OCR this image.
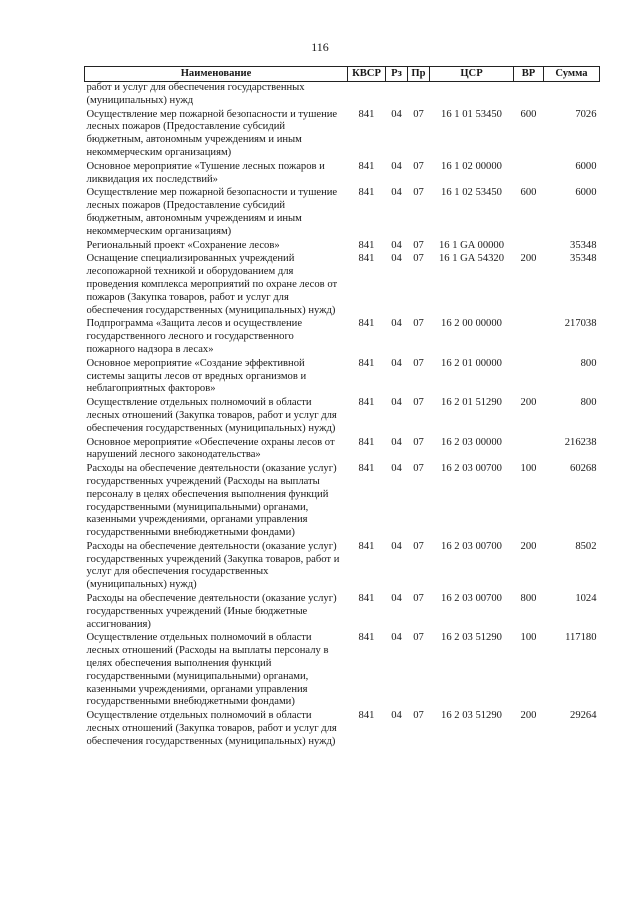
116
Наименование	КВСР	Рз	Пр	ЦСР	ВР	Сумма
работ и услуг для обеспечения государственных (муниципальных) нужд						
Осуществление мер пожарной безопасности и тушение лесных пожаров (Предоставление субсидий бюджетным, автономным учреждениям и иным некоммерческим организациям)	841	04	07	16 1 01 53450	600	7026
Основное мероприятие «Тушение лесных пожаров и ликвидация их последствий»	841	04	07	16 1 02 00000		6000
Осуществление мер пожарной безопасности и тушение лесных пожаров (Предоставление субсидий бюджетным, автономным учреждениям и иным некоммерческим организациям)	841	04	07	16 1 02 53450	600	6000
Региональный проект «Сохранение лесов»	841	04	07	16 1 GA 00000		35348
Оснащение специализированных учреждений лесопожарной техникой и оборудованием для проведения комплекса мероприятий по охране лесов от пожаров (Закупка товаров, работ и услуг для обеспечения государственных (муниципальных) нужд)	841	04	07	16 1 GA 54320	200	35348
Подпрограмма «Защита лесов и осуществление государственного лесного и государственного пожарного надзора в лесах»	841	04	07	16 2 00 00000		217038
Основное мероприятие «Создание эффективной системы защиты лесов от вредных организмов и неблагоприятных факторов»	841	04	07	16 2 01 00000		800
Осуществление отдельных полномочий в области лесных отношений (Закупка товаров, работ и услуг для обеспечения государственных (муниципальных) нужд)	841	04	07	16 2 01 51290	200	800
Основное мероприятие «Обеспечение охраны лесов от нарушений лесного законодательства»	841	04	07	16 2 03 00000		216238
Расходы на обеспечение деятельности (оказание услуг) государственных учреждений (Расходы на выплаты персоналу в целях обеспечения выполнения функций государственными (муниципальными) органами, казенными учреждениями, органами управления государственными внебюджетными фондами)	841	04	07	16 2 03 00700	100	60268
Расходы на обеспечение деятельности (оказание услуг) государственных учреждений (Закупка товаров, работ и услуг для обеспечения государственных (муниципальных) нужд)	841	04	07	16 2 03 00700	200	8502
Расходы на обеспечение деятельности (оказание услуг) государственных учреждений (Иные бюджетные ассигнования)	841	04	07	16 2 03 00700	800	1024
Осуществление отдельных полномочий в области лесных отношений (Расходы на выплаты персоналу в целях обеспечения выполнения функций государственными (муниципальными) органами, казенными учреждениями, органами управления государственными внебюджетными фондами)	841	04	07	16 2 03 51290	100	117180
Осуществление отдельных полномочий в области лесных отношений (Закупка товаров, работ и услуг для обеспечения государственных (муниципальных) нужд)	841	04	07	16 2 03 51290	200	29264
